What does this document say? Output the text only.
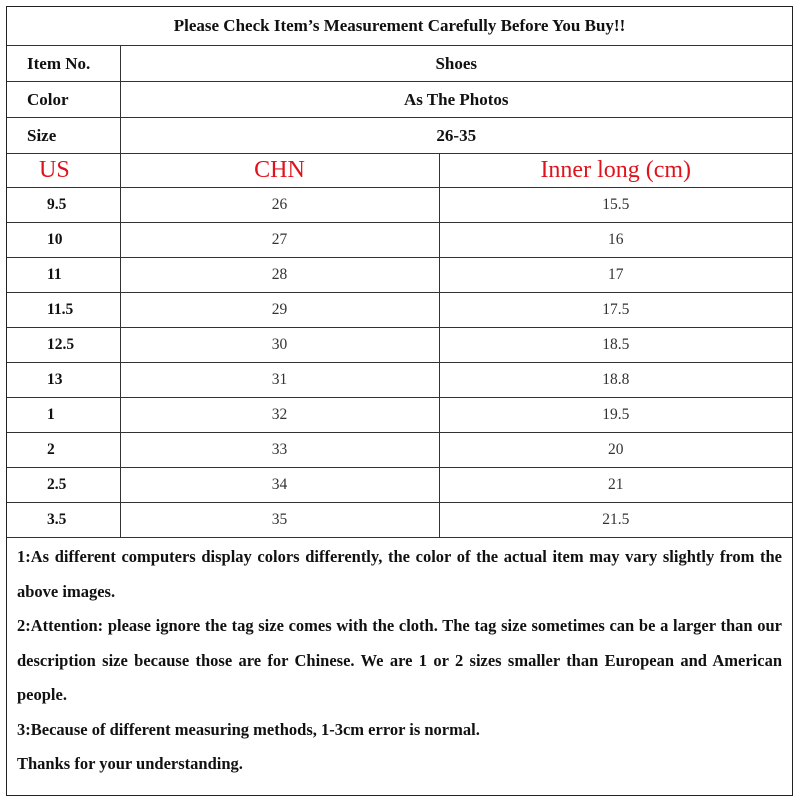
Please Check Item’s Measurement Carefully Before You Buy!!		
Item No.	Shoes	
Color	As The Photos	
Size	26-35	
US	CHN	Inner long (cm)
9.5	26	15.5
10	27	16
11	28	17
11.5	29	17.5
12.5	30	18.5
13	31	18.8
1	32	19.5
2	33	20
2.5	34	21
3.5	35	21.5

1:As different computers display colors differently, the color of the actual item may vary slightly from the above images.

2:Attention: please ignore the tag size comes with the cloth. The tag size sometimes can be a larger than our description size because those are for Chinese. We are 1 or 2 sizes smaller than European and American people.

3:Because of different measuring methods, 1-3cm error is normal.

Thanks for your understanding.
